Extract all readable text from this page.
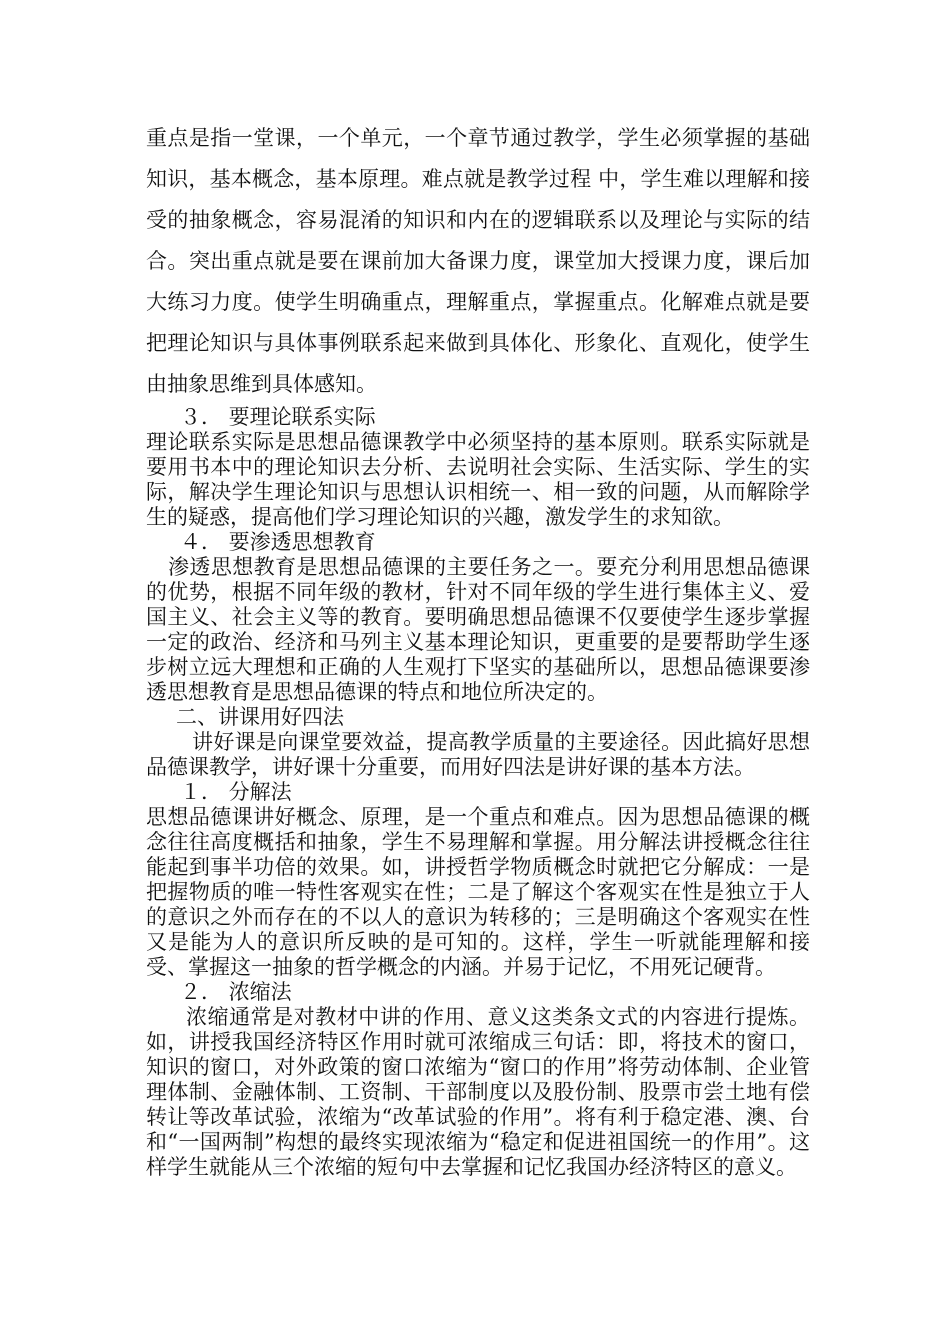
重点是指一堂课，一个单元，一个章节通过教学，学生必须掌握的基础知识，基本概念，基本原理。难点就是教学过程 中，学生难以理解和接受的抽象概念，容易混淆的知识和内在的逻辑联系以及理论与实际的结合。突出重点就是要在课前加大备课力度，课堂加大授课力度，课后加大练习力度。使学生明确重点，理解重点，掌握重点。化解难点就是要把理论知识与具体事例联系起来做到具体化、形象化、直观化，使学生由抽象思维到具体感知。

３． 要理论联系实际

理论联系实际是思想品德课教学中必须坚持的基本原则。联系实际就是要用书本中的理论知识去分析、去说明社会实际、生活实际、学生的实际，解决学生理论知识与思想认识相统一、相一致的问题，从而解除学生的疑惑，提高他们学习理论知识的兴趣，激发学生的求知欲。

４． 要渗透思想教育

渗透思想教育是思想品德课的主要任务之一。要充分利用思想品德课的优势，根据不同年级的教材，针对不同年级的学生进行集体主义、爱国主义、社会主义等的教育。要明确思想品德课不仅要使学生逐步掌握一定的政治、经济和马列主义基本理论知识，更重要的是要帮助学生逐步树立远大理想和正确的人生观打下坚实的基础所以，思想品德课要渗透思想教育是思想品德课的特点和地位所决定的。

二、讲课用好四法

讲好课是向课堂要效益，提高教学质量的主要途径。因此搞好思想品德课教学，讲好课十分重要，而用好四法是讲好课的基本方法。

１． 分解法

思想品德课讲好概念、原理，是一个重点和难点。因为思想品德课的概念往往高度概括和抽象，学生不易理解和掌握。用分解法讲授概念往往能起到事半功倍的效果。如，讲授哲学物质概念时就把它分解成：一是把握物质的唯一特性客观实在性；二是了解这个客观实在性是独立于人的意识之外而存在的不以人的意识为转移的；三是明确这个客观实在性又是能为人的意识所反映的是可知的。这样，学生一听就能理解和接受、掌握这一抽象的哲学概念的内涵。并易于记忆，不用死记硬背。

２． 浓缩法

浓缩通常是对教材中讲的作用、意义这类条文式的内容进行提炼。如，讲授我国经济特区作用时就可浓缩成三句话：即，将技术的窗口，知识的窗口，对外政策的窗口浓缩为“窗口的作用”将劳动体制、企业管理体制、金融体制、工资制、干部制度以及股份制、股票市尝土地有偿转让等改革试验，浓缩为“改革试验的作用”。将有利于稳定港、澳、台和“一国两制”构想的最终实现浓缩为“稳定和促进祖国统一的作用”。这样学生就能从三个浓缩的短句中去掌握和记忆我国办经济特区的意义。
